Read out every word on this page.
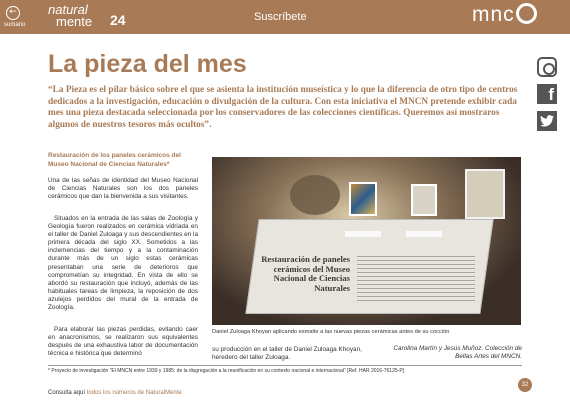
←
sumario
natural
mente 24	Suscríbete	mnc
f
La pieza del mes

“La Pieza es el pilar básico sobre el que se asienta la institución museística y lo que la diferencia de otro tipo de centros dedicados a la investigación, educación o divulgación de la cultura. Con esta iniciativa el MNCN pretende exhibir cada mes una pieza destacada seleccionada por los conservadores de las colecciones científicas. Queremos así mostraros algunos de nuestros tesoros más ocultos”.

Restauración de los paneles cerámicos del Museo Nacional de Ciencias Naturales*

Una de las señas de identidad del Museo Nacional de Ciencias Naturales son los dos paneles cerámicos que dan la bienvenida a sus visitantes.

Situados en la entrada de las salas de Zoología y Geología fueron realizados en cerámica vidriada en el taller de Daniel Zuloaga y sus descendientes en la primera década del siglo XX. Sometidos a las inclemencias del tiempo y a la contaminación durante más de un siglo estas cerámicas presentaban una serie de deterioros que comprometían su integridad. En vista de ello se abordó su restauración que incluyó, además de las habituales tareas de limpieza, la reposición de dos azulejos perdidos del mural de la entrada de Zoología.

Para elaborar las piezas perdidas, evitando caer en anacronismos, se realizaron sus equivalentes después de una exhaustiva labor de documentación técnica e histórica que determinó

Restauración de paneles cerámicos del Museo Nacional de Ciencias Naturales
Daniel Zuloaga Khoyan aplicando esmalte a las nuevas piezas cerámicas antes de su cocción

su producción en el taller de Daniel Zuloaga Khoyan, heredero del taller Zuloaga.

Carolina Martín y Jesús Muñoz. Colección de Bellas Artes del MNCN.

* Proyecto de investigación “El MNCN entre 1939 y 1985: de la disgregación a la reunificación en su contexto nacional e internacional” [Ref. HAR 2016-76125-P]

Consulta aquí todos los números de NaturalMente
32
